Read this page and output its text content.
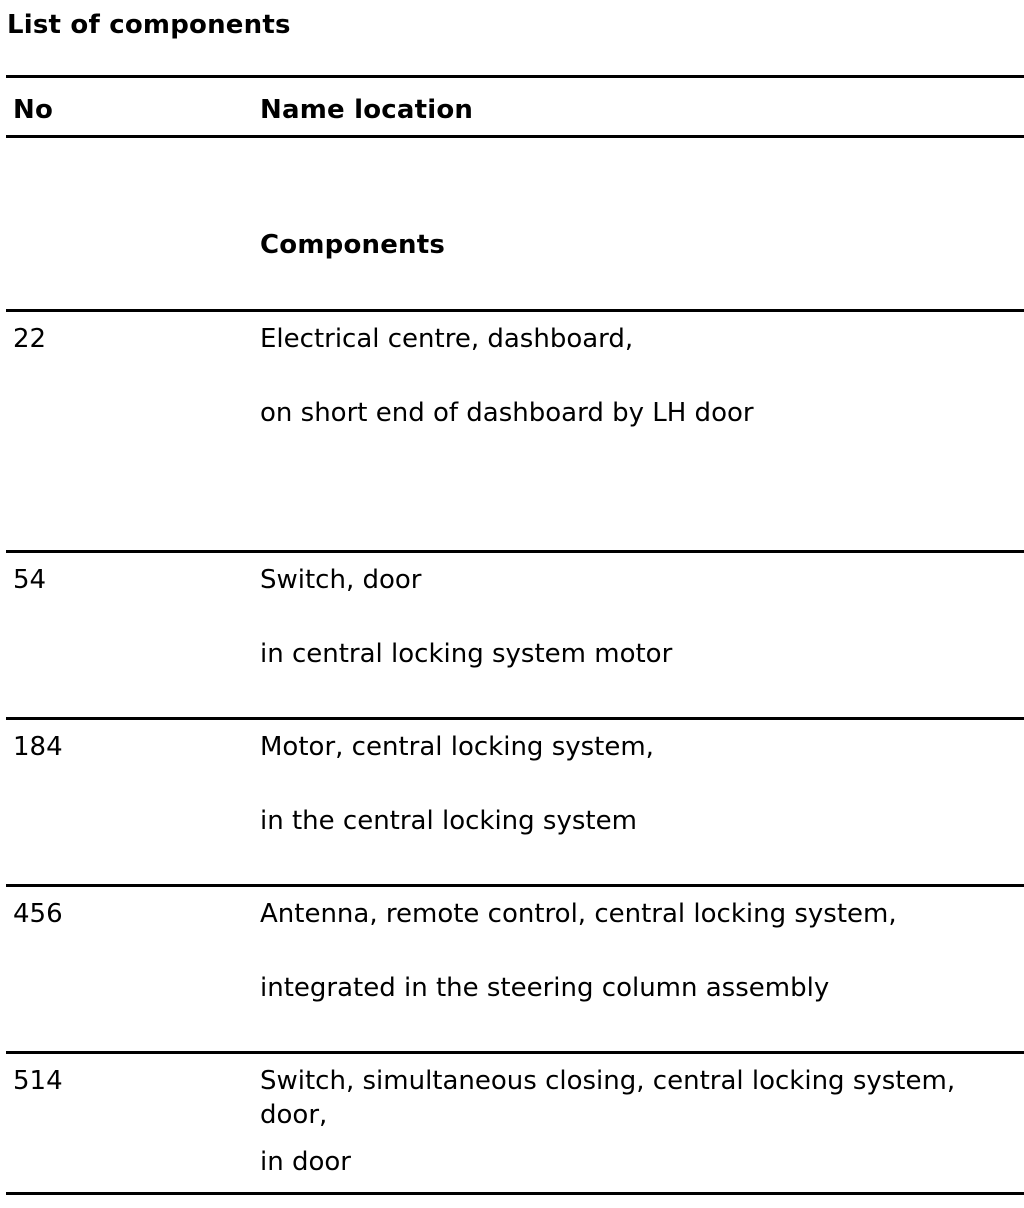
List of components
No	Name location
Components
22	Electrical centre, dashboard,
on short end of dashboard by LH door
54	Switch, door
in central locking system motor
184	Motor, central locking system,
in the central locking system
456	Antenna, remote control, central locking system,
integrated in the steering column assembly
514	Switch, simultaneous closing, central locking system, door,
in door
